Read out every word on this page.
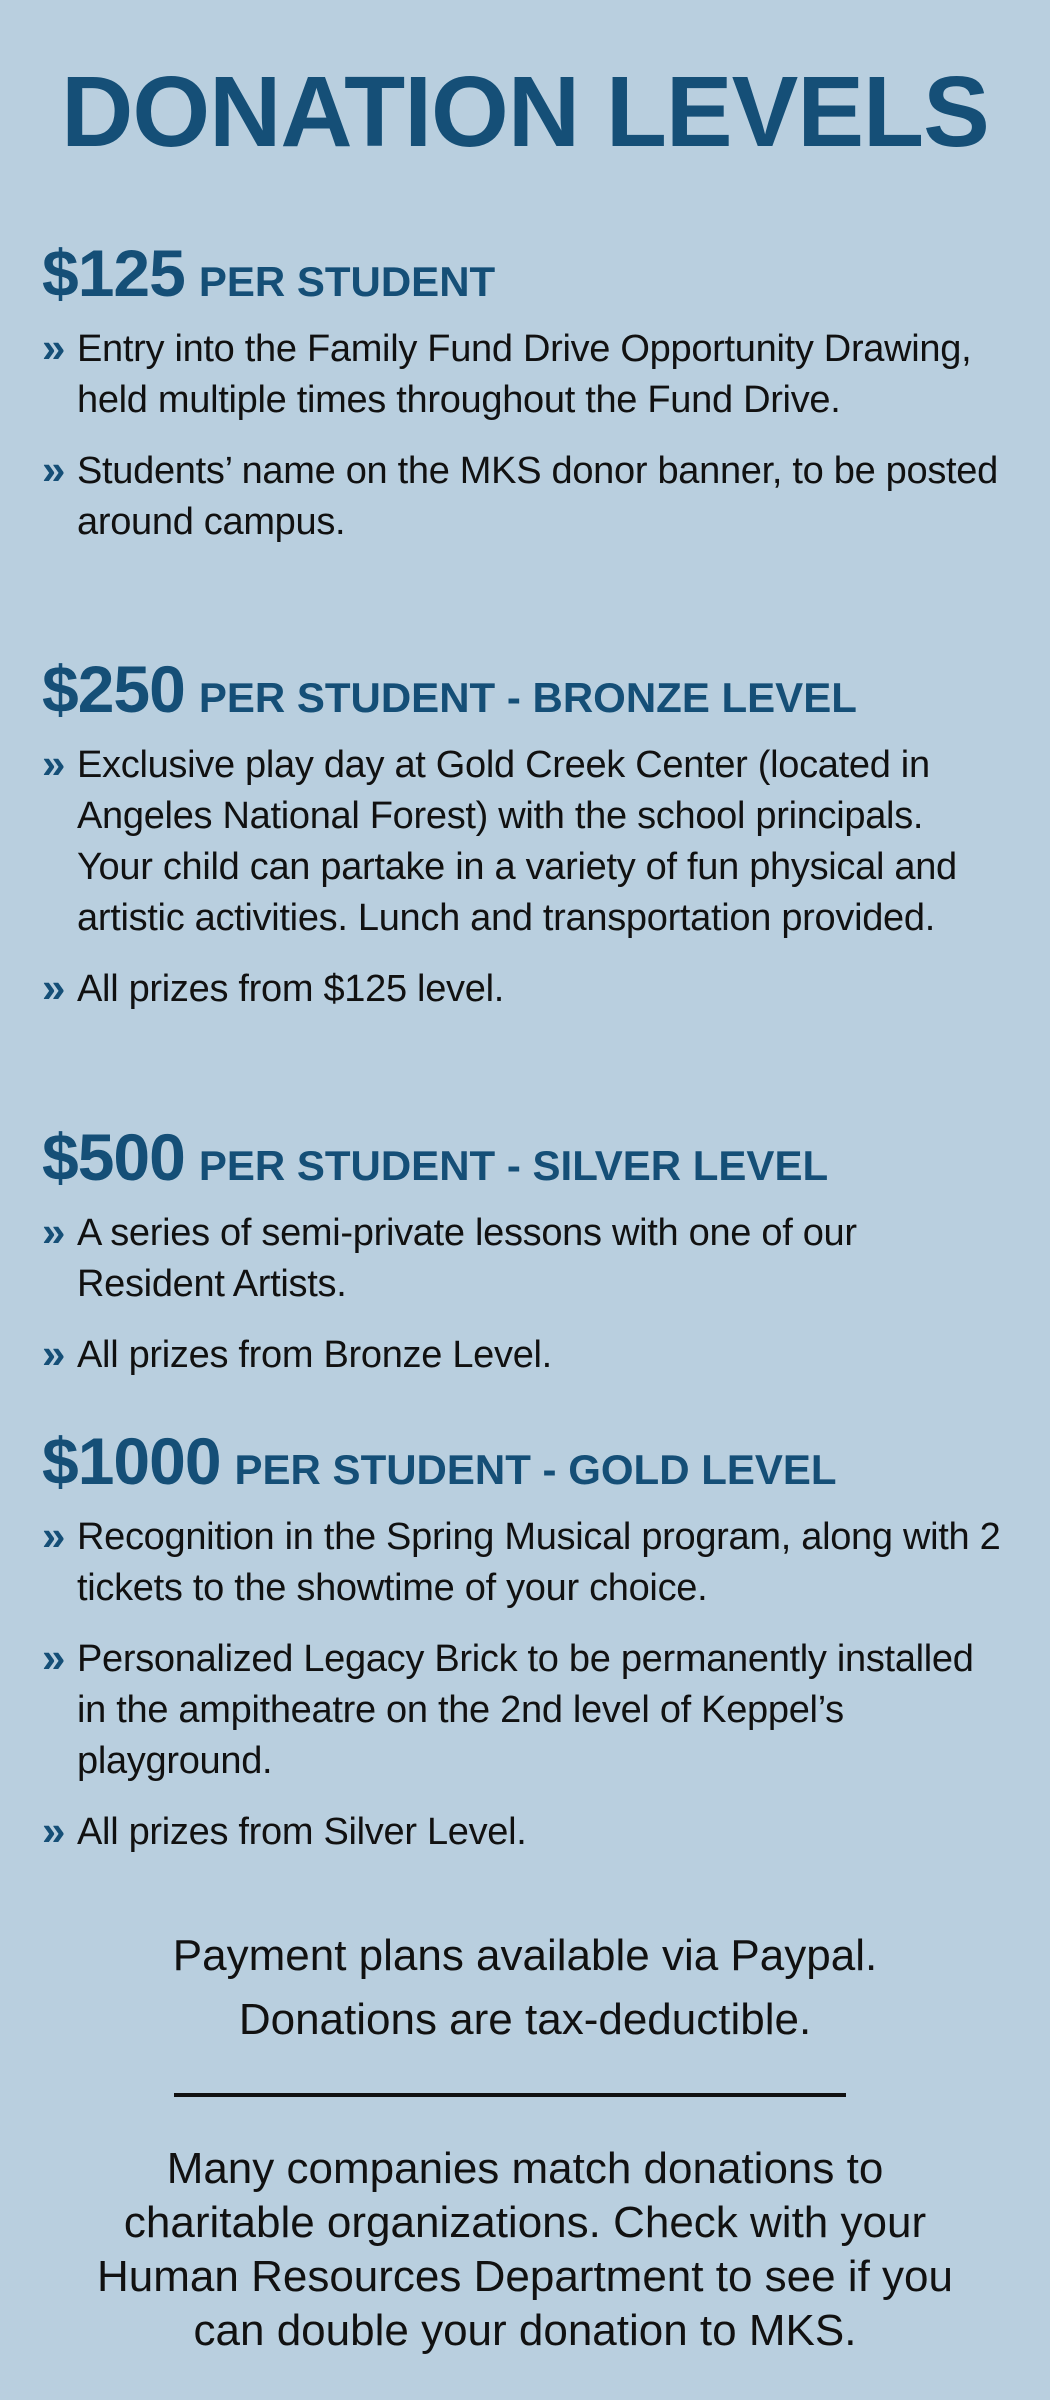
DONATION LEVELS
$125 PER STUDENT
» Entry into the Family Fund Drive Opportunity Drawing, held multiple times throughout the Fund Drive.
» Students’ name on the MKS donor banner, to be posted around campus.
$250 PER STUDENT - BRONZE LEVEL
» Exclusive play day at Gold Creek Center (located in Angeles National Forest) with the school principals. Your child can partake in a variety of fun physical and artistic activities. Lunch and transportation provided.
» All prizes from $125 level.
$500 PER STUDENT - SILVER LEVEL
» A series of semi-private lessons with one of our Resident Artists.
» All prizes from Bronze Level.
$1000 PER STUDENT - GOLD LEVEL
» Recognition in the Spring Musical program, along with 2 tickets to the showtime of your choice.
» Personalized Legacy Brick to be permanently installed in the ampitheatre on the 2nd level of Keppel’s playground.
» All prizes from Silver Level.
Payment plans available via Paypal.
Donations are tax-deductible.
Many companies match donations to
charitable organizations. Check with your
Human Resources Department to see if you
can double your donation to MKS.
